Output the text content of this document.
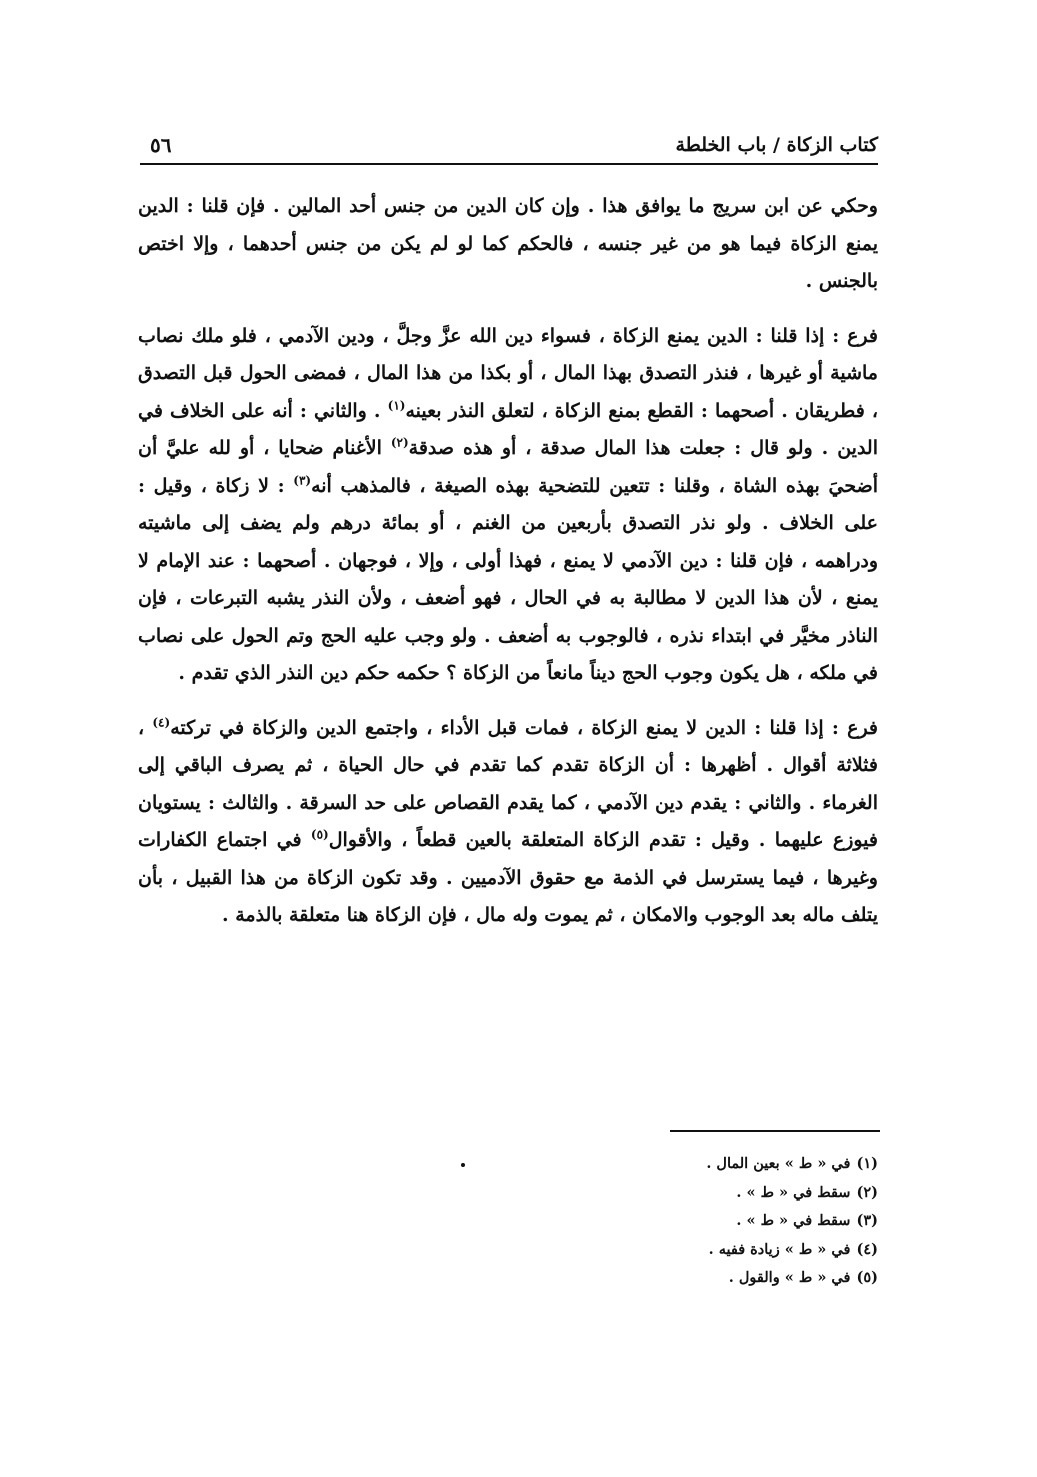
كتاب الزكاة / باب الخلطة
٥٦

وحكي عن ابن سريج ما يوافق هذا . وإن كان الدين من جنس أحد المالين . فإن قلنا : الدين يمنع الزكاة فيما هو من غير جنسه ، فالحكم كما لو لم يكن من جنس أحدهما ، وإلا اختص بالجنس .

فرع : إذا قلنا : الدين يمنع الزكاة ، فسواء دين الله عزَّ وجلَّ ، ودين الآدمي ، فلو ملك نصاب ماشية أو غيرها ، فنذر التصدق بهذا المال ، أو بكذا من هذا المال ، فمضى الحول قبل التصدق ، فطريقان . أصحهما : القطع بمنع الزكاة ، لتعلق النذر بعينه$^{(١)}$ . والثاني : أنه على الخلاف في الدين . ولو قال : جعلت هذا المال صدقة ، أو هذه صدقة$^{(٢)}$ الأغنام ضحايا ، أو لله عليَّ أن أضحيَ بهذه الشاة ، وقلنا : تتعين للتضحية بهذه الصيغة ، فالمذهب أنه$^{(٣)}$ : لا زكاة ، وقيل : على الخلاف . ولو نذر التصدق بأربعين من الغنم ، أو بمائة درهم ولم يضف إلى ماشيته ودراهمه ، فإن قلنا : دين الآدمي لا يمنع ، فهذا أولى ، وإلا ، فوجهان . أصحهما : عند الإمام لا يمنع ، لأن هذا الدين لا مطالبة به في الحال ، فهو أضعف ، ولأن النذر يشبه التبرعات ، فإن الناذر مخيَّر في ابتداء نذره ، فالوجوب به أضعف . ولو وجب عليه الحج وتم الحول على نصاب في ملكه ، هل يكون وجوب الحج ديناً مانعاً من الزكاة ؟ حكمه حكم دين النذر الذي تقدم .

فرع : إذا قلنا : الدين لا يمنع الزكاة ، فمات قبل الأداء ، واجتمع الدين والزكاة في تركته$^{(٤)}$ ، فثلاثة أقوال . أظهرها : أن الزكاة تقدم كما تقدم في حال الحياة ، ثم يصرف الباقي إلى الغرماء . والثاني : يقدم دين الآدمي ، كما يقدم القصاص على حد السرقة . والثالث : يستويان فيوزع عليهما . وقيل : تقدم الزكاة المتعلقة بالعين قطعاً ، والأقوال$^{(٥)}$ في اجتماع الكفارات وغيرها ، فيما يسترسل في الذمة مع حقوق الآدميين . وقد تكون الزكاة من هذا القبيل ، بأن يتلف ماله بعد الوجوب والامكان ، ثم يموت وله مال ، فإن الزكاة هنا متعلقة بالذمة .

(١)في « ط » بعين المال .
(٢)سقط في « ط » .
(٣)سقط في « ط » .
(٤)في « ط » زيادة ففيه .
(٥)في « ط » والقول .
